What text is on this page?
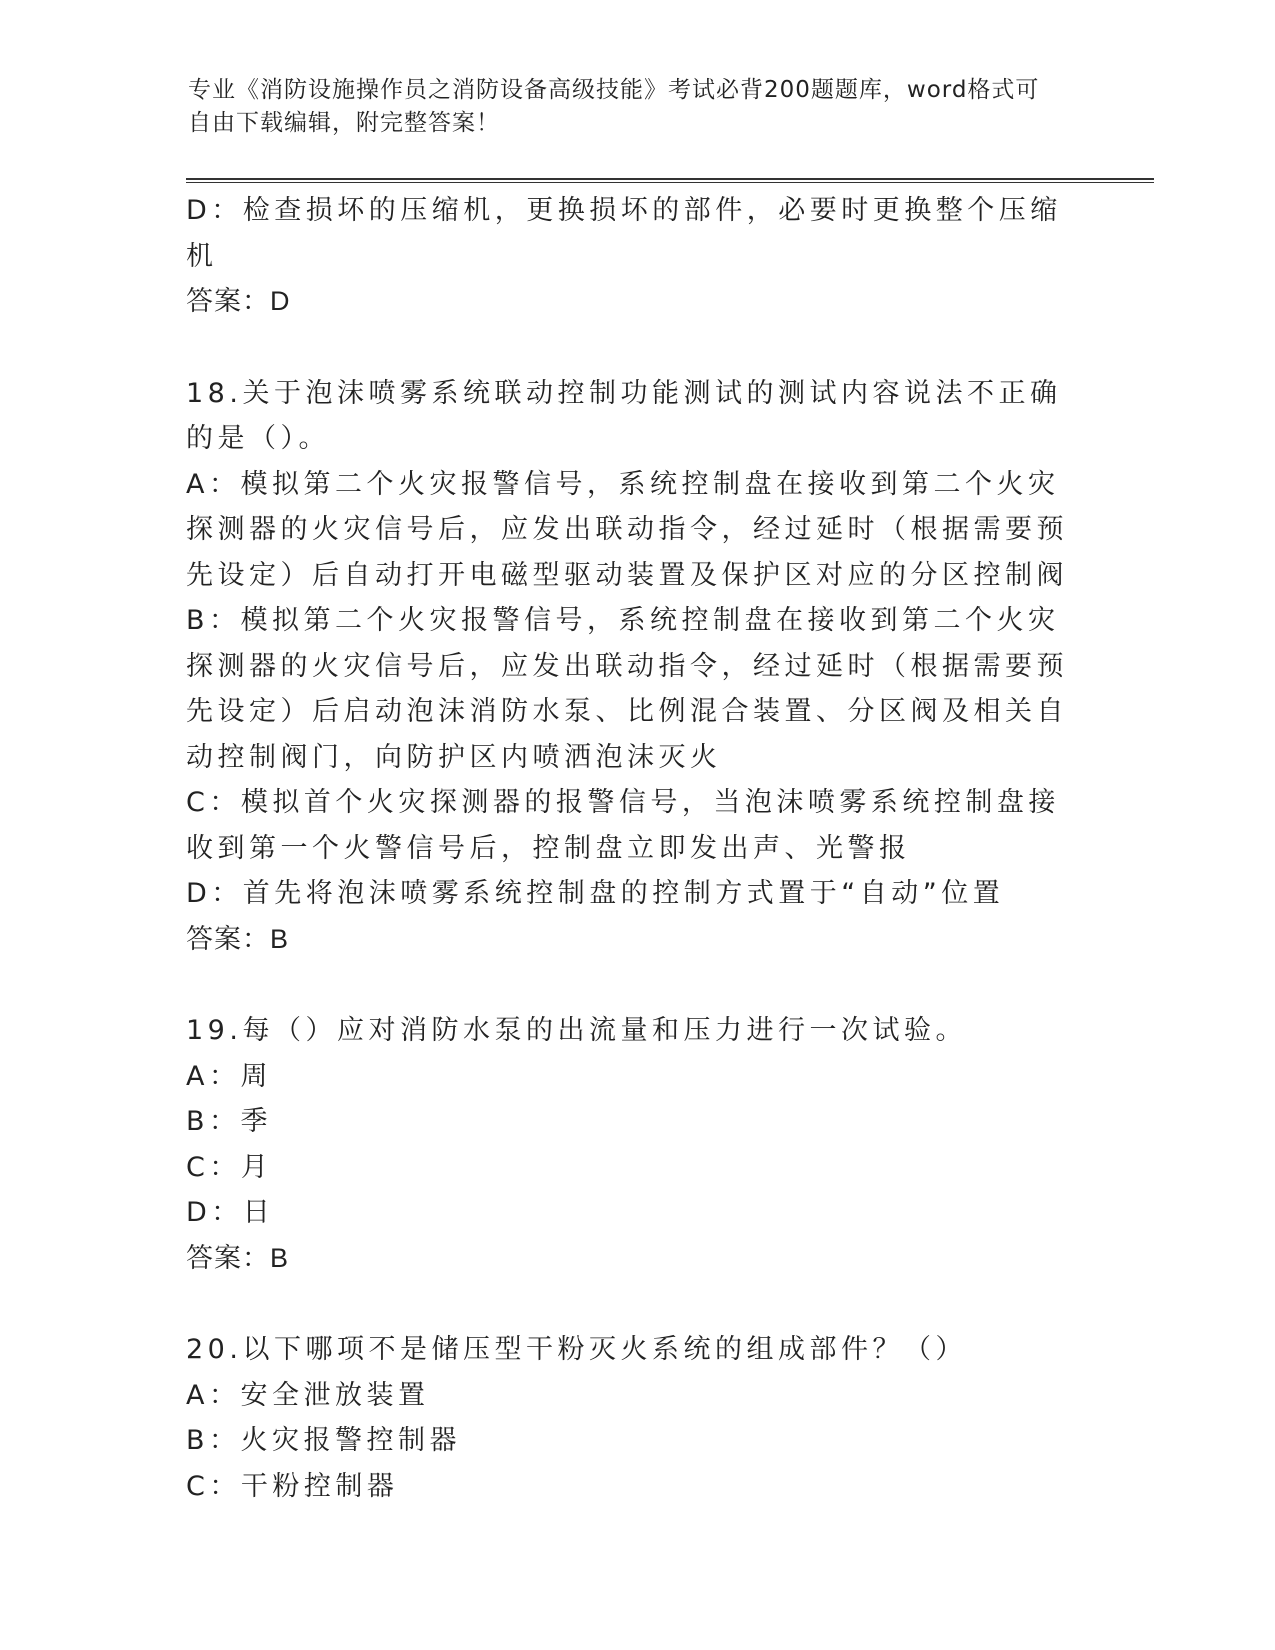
专业《消防设施操作员之消防设备高级技能》考试必背200题题库，word格式可
自由下载编辑，附完整答案！

D：检查损坏的压缩机，更换损坏的部件，必要时更换整个压缩机

答案：D

18.关于泡沫喷雾系统联动控制功能测试的测试内容说法不正确的是（）。

A：模拟第二个火灾报警信号，系统控制盘在接收到第二个火灾探测器的火灾信号后，应发出联动指令，经过延时（根据需要预先设定）后自动打开电磁型驱动装置及保护区对应的分区控制阀

B：模拟第二个火灾报警信号，系统控制盘在接收到第二个火灾探测器的火灾信号后，应发出联动指令，经过延时（根据需要预先设定）后启动泡沫消防水泵、比例混合装置、分区阀及相关自动控制阀门，向防护区内喷洒泡沫灭火

C：模拟首个火灾探测器的报警信号，当泡沫喷雾系统控制盘接收到第一个火警信号后，控制盘立即发出声、光警报

D：首先将泡沫喷雾系统控制盘的控制方式置于“自动”位置

答案：B

19.每（）应对消防水泵的出流量和压力进行一次试验。

A：周

B：季

C：月

D：日

答案：B

20.以下哪项不是储压型干粉灭火系统的组成部件？（）

A：安全泄放装置

B：火灾报警控制器

C：干粉控制器
